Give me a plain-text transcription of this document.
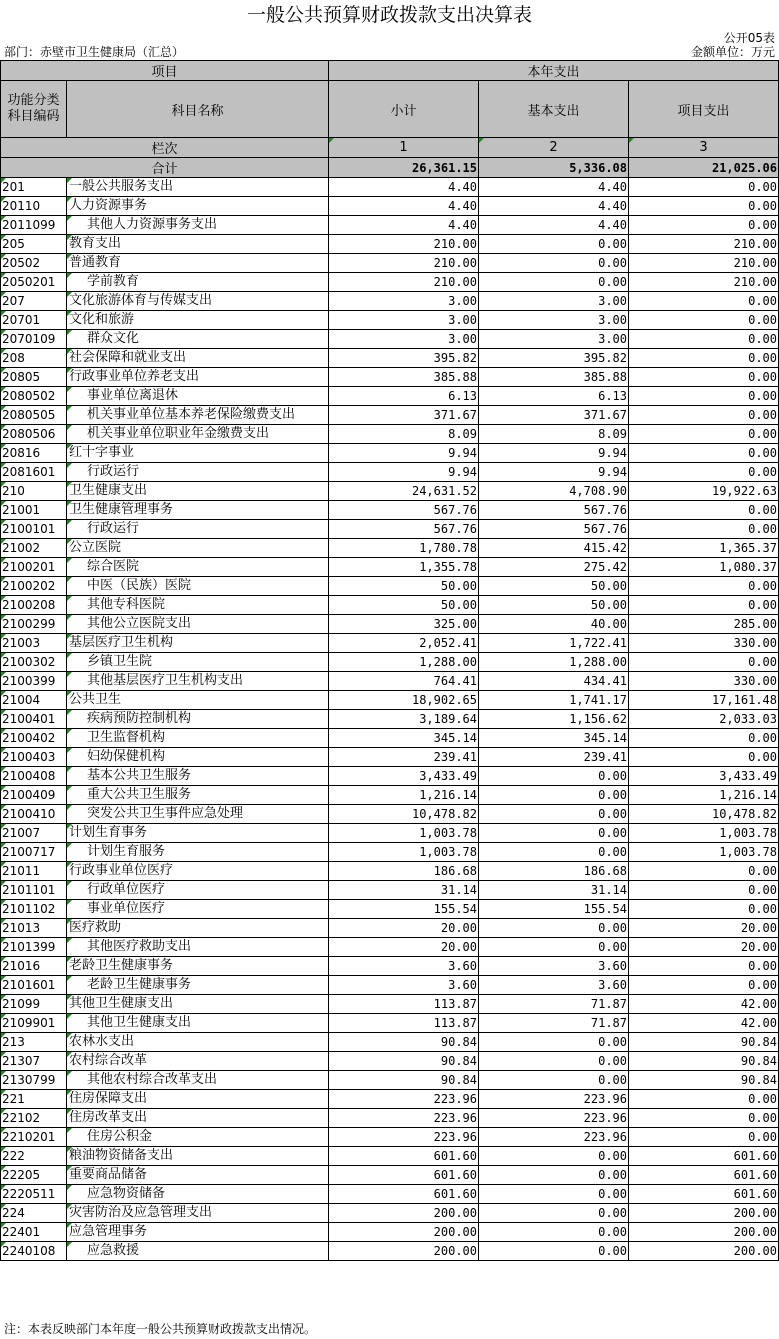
一般公共预算财政拨款支出决算表
公开05表
部门：赤壁市卫生健康局（汇总）	金额单位：万元
项目		本年支出		
功能分类
科目编码	科目名称	小计	基本支出	项目支出
栏次		1	2	3
合计		26,361.15	5,336.08	21,025.06
201	一般公共服务支出	4.40	4.40	0.00
20110	人力资源事务	4.40	4.40	0.00
2011099	其他人力资源事务支出	4.40	4.40	0.00
205	教育支出	210.00	0.00	210.00
20502	普通教育	210.00	0.00	210.00
2050201	学前教育	210.00	0.00	210.00
207	文化旅游体育与传媒支出	3.00	3.00	0.00
20701	文化和旅游	3.00	3.00	0.00
2070109	群众文化	3.00	3.00	0.00
208	社会保障和就业支出	395.82	395.82	0.00
20805	行政事业单位养老支出	385.88	385.88	0.00
2080502	事业单位离退休	6.13	6.13	0.00
2080505	机关事业单位基本养老保险缴费支出	371.67	371.67	0.00
2080506	机关事业单位职业年金缴费支出	8.09	8.09	0.00
20816	红十字事业	9.94	9.94	0.00
2081601	行政运行	9.94	9.94	0.00
210	卫生健康支出	24,631.52	4,708.90	19,922.63
21001	卫生健康管理事务	567.76	567.76	0.00
2100101	行政运行	567.76	567.76	0.00
21002	公立医院	1,780.78	415.42	1,365.37
2100201	综合医院	1,355.78	275.42	1,080.37
2100202	中医（民族）医院	50.00	50.00	0.00
2100208	其他专科医院	50.00	50.00	0.00
2100299	其他公立医院支出	325.00	40.00	285.00
21003	基层医疗卫生机构	2,052.41	1,722.41	330.00
2100302	乡镇卫生院	1,288.00	1,288.00	0.00
2100399	其他基层医疗卫生机构支出	764.41	434.41	330.00
21004	公共卫生	18,902.65	1,741.17	17,161.48
2100401	疾病预防控制机构	3,189.64	1,156.62	2,033.03
2100402	卫生监督机构	345.14	345.14	0.00
2100403	妇幼保健机构	239.41	239.41	0.00
2100408	基本公共卫生服务	3,433.49	0.00	3,433.49
2100409	重大公共卫生服务	1,216.14	0.00	1,216.14
2100410	突发公共卫生事件应急处理	10,478.82	0.00	10,478.82
21007	计划生育事务	1,003.78	0.00	1,003.78
2100717	计划生育服务	1,003.78	0.00	1,003.78
21011	行政事业单位医疗	186.68	186.68	0.00
2101101	行政单位医疗	31.14	31.14	0.00
2101102	事业单位医疗	155.54	155.54	0.00
21013	医疗救助	20.00	0.00	20.00
2101399	其他医疗救助支出	20.00	0.00	20.00
21016	老龄卫生健康事务	3.60	3.60	0.00
2101601	老龄卫生健康事务	3.60	3.60	0.00
21099	其他卫生健康支出	113.87	71.87	42.00
2109901	其他卫生健康支出	113.87	71.87	42.00
213	农林水支出	90.84	0.00	90.84
21307	农村综合改革	90.84	0.00	90.84
2130799	其他农村综合改革支出	90.84	0.00	90.84
221	住房保障支出	223.96	223.96	0.00
22102	住房改革支出	223.96	223.96	0.00
2210201	住房公积金	223.96	223.96	0.00
222	粮油物资储备支出	601.60	0.00	601.60
22205	重要商品储备	601.60	0.00	601.60
2220511	应急物资储备	601.60	0.00	601.60
224	灾害防治及应急管理支出	200.00	0.00	200.00
22401	应急管理事务	200.00	0.00	200.00
2240108	应急救援	200.00	0.00	200.00
注：本表反映部门本年度一般公共预算财政拨款支出情况。
